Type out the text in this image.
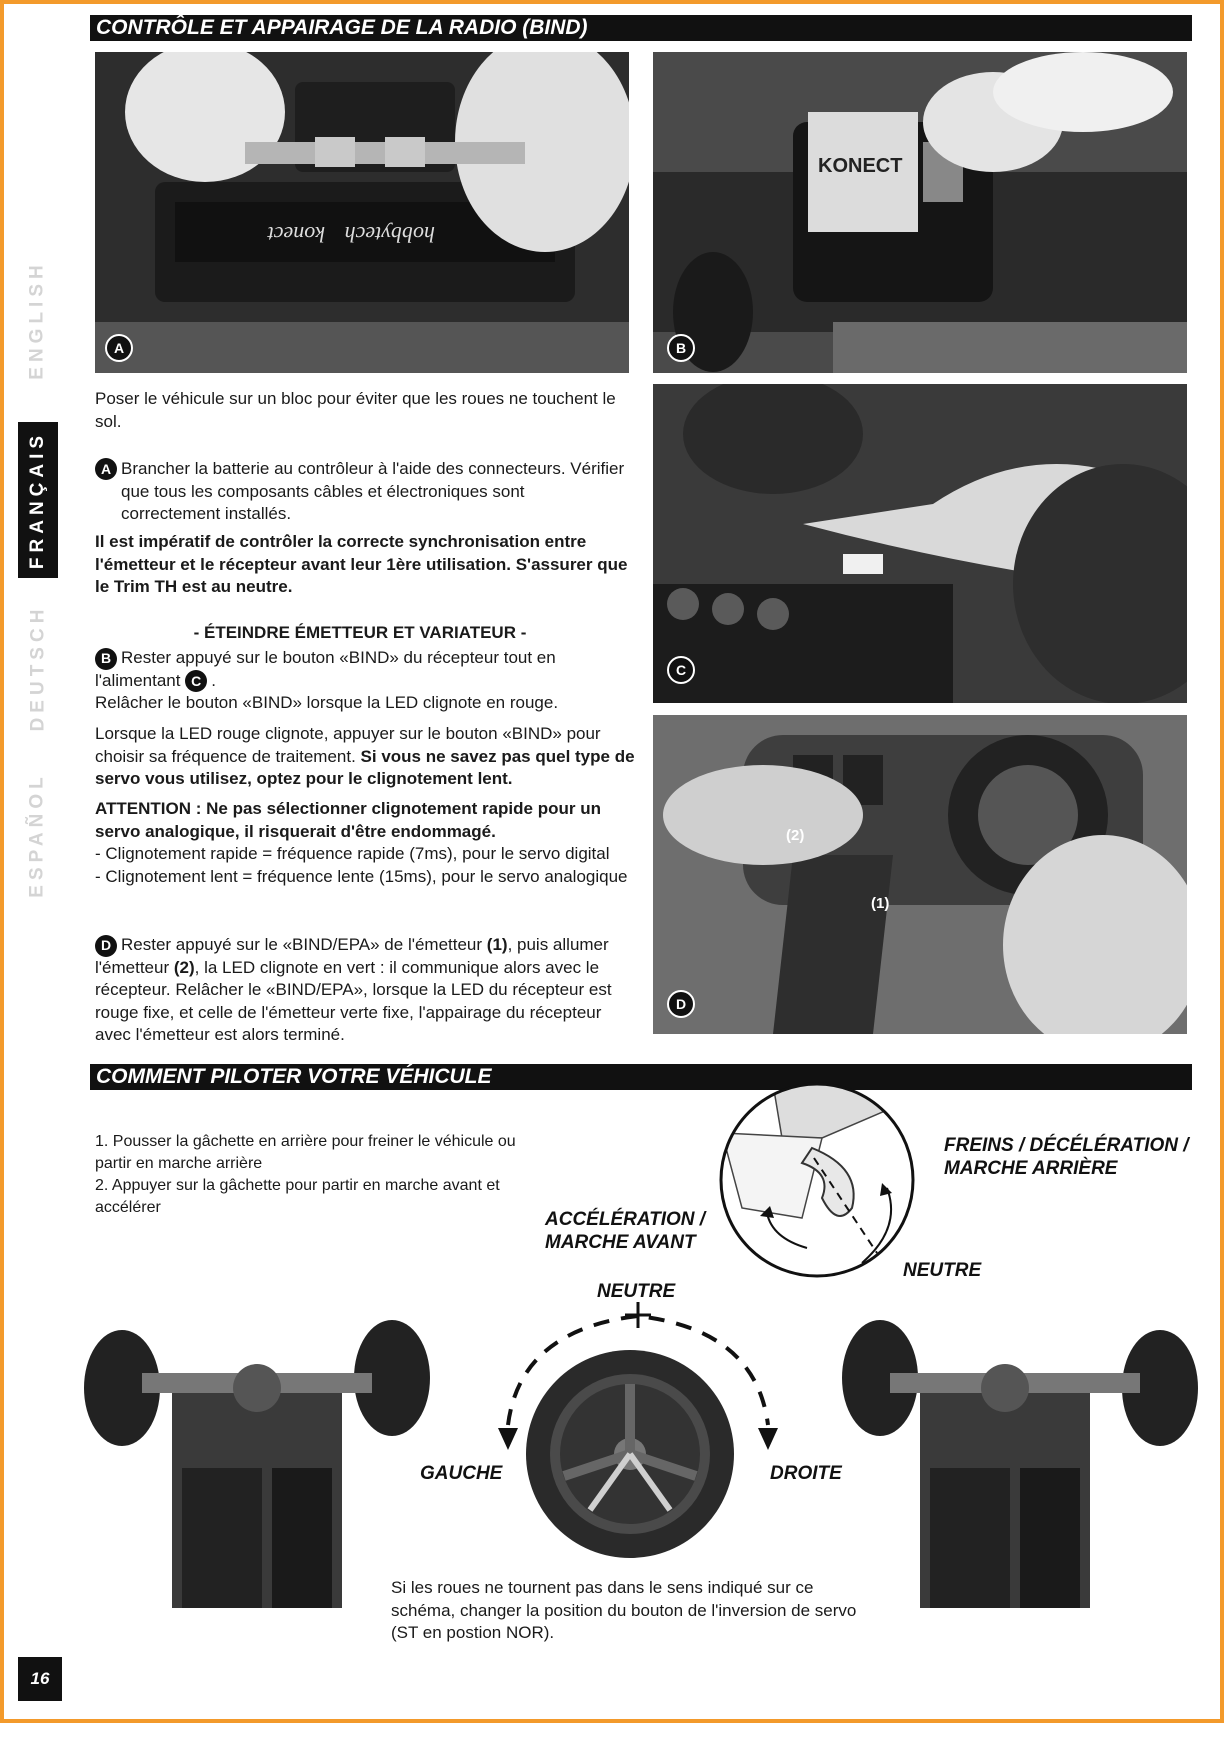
ENGLISH
FRANÇAIS
DEUTSCH
ESPAÑOL
16
CONTRÔLE ET APPAIRAGE DE LA RADIO (BIND)
konect hobbytech
A
KONECT
B
C
(2)
(1)
D
Poser le véhicule sur un bloc pour éviter que les roues ne touchent le sol.
A Brancher la batterie au contrôleur à l'aide des connecteurs. Vérifier que tous les composants câbles et électroniques sont correctement installés.
Il est impératif de contrôler la correcte synchronisation entre l'émetteur et le récepteur avant leur 1ère utilisation. S'assurer que le Trim TH est au neutre.
- ÉTEINDRE ÉMETTEUR ET VARIATEUR -
B Rester appuyé sur le bouton «BIND» du récepteur tout en l'alimentant C .
Relâcher le bouton «BIND» lorsque la LED clignote en rouge.
Lorsque la LED rouge clignote, appuyer sur le bouton «BIND» pour choisir sa fréquence de traitement. Si vous ne savez pas quel type de servo vous utilisez, optez pour le clignotement lent.
ATTENTION : Ne pas sélectionner clignotement rapide pour un servo analogique, il risquerait d'être endommagé.
- Clignotement rapide = fréquence rapide (7ms), pour le servo digital
- Clignotement lent = fréquence lente (15ms), pour le servo analogique
D Rester appuyé sur le «BIND/EPA» de l'émetteur (1), puis allumer l'émetteur (2), la LED clignote en vert : il communique alors avec le récepteur. Relâcher le «BIND/EPA», lorsque la LED du récepteur est rouge fixe, et celle de l'émetteur verte fixe, l'appairage du récepteur avec l'émetteur est alors terminé.
COMMENT PILOTER VOTRE VÉHICULE
1. Pousser la gâchette en arrière pour freiner le véhicule ou partir en marche arrière
2. Appuyer sur la gâchette pour partir en marche avant et accélérer
FREINS / DÉCÉLÉRATION /
MARCHE ARRIÈRE
ACCÉLÉRATION /
MARCHE AVANT
NEUTRE
NEUTRE
GAUCHE	DROITE
Si les roues ne tournent pas dans le sens indiqué sur ce schéma, changer la position du bouton de l'inversion de servo (ST en postion NOR).
